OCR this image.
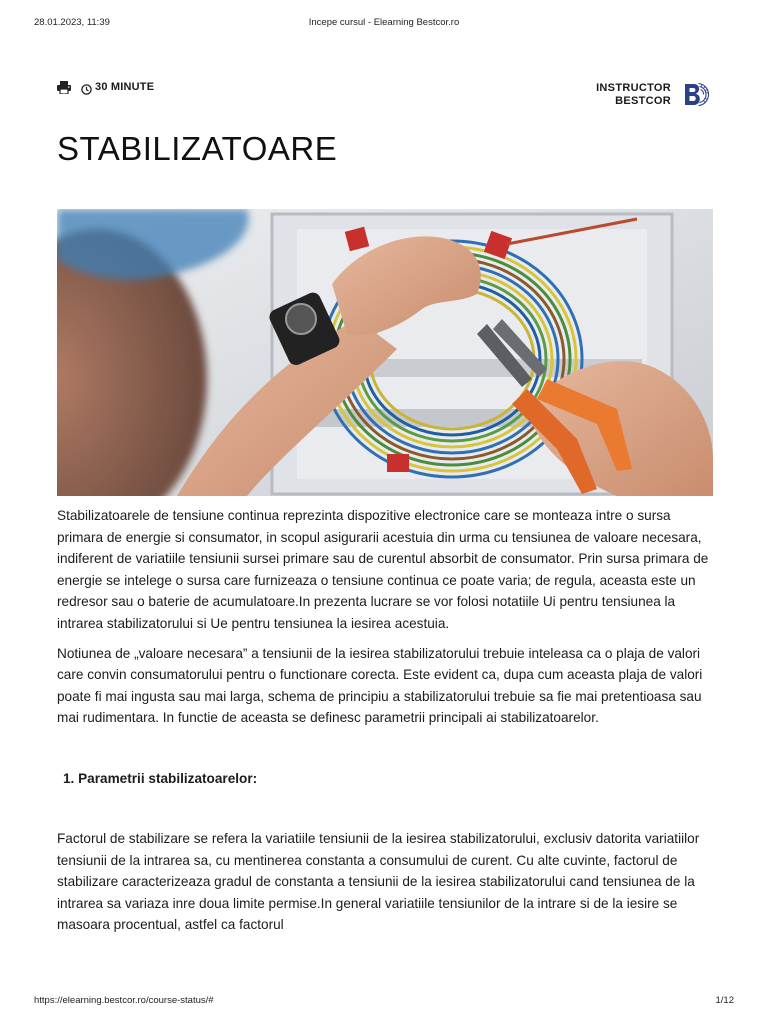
28.01.2023, 11:39	Incepe cursul - Elearning Bestcor.ro
30 MINUTE	INSTRUCTOR
BESTCOR
STABILIZATOARE

Stabilizatoarele de tensiune continua reprezinta dispozitive electronice care se monteaza intre o sursa primara de energie si consumator, in scopul asigurarii acestuia din urma cu tensiunea de valoare necesara, indiferent de variatiile tensiunii sursei primare sau de curentul absorbit de consumator. Prin sursa primara de energie se intelege o sursa care furnizeaza o tensiune continua ce poate varia; de regula, aceasta este un redresor sau o baterie de acumulatoare.In prezenta lucrare se vor folosi notatiile Ui pentru tensiunea la intrarea stabilizatorului si Ue pentru tensiunea la iesirea acestuia.

Notiunea de „valoare necesara” a tensiunii de la iesirea stabilizatorului trebuie inteleasa ca o plaja de valori care convin consumatorului pentru o functionare corecta. Este evident ca, dupa cum aceasta plaja de valori poate fi mai ingusta sau mai larga, schema de principiu a stabilizatorului trebuie sa fie mai pretentioasa sau mai rudimentara. In functie de aceasta se definesc parametrii principali ai stabilizatoarelor.

1. Parametrii stabilizatoarelor:

Factorul de stabilizare se refera la variatiile tensiunii de la iesirea stabilizatorului, exclusiv datorita variatiilor tensiunii de la intrarea sa, cu mentinerea constanta a consumului de curent. Cu alte cuvinte, factorul de stabilizare caracterizeaza gradul de constanta a tensiunii de la iesirea stabilizatorului cand tensiunea de la intrarea sa variaza inre doua limite permise.In general variatiile tensiunilor de la intrare si de la iesire se masoara procentual, astfel ca factorul

https://elearning.bestcor.ro/course-status/#	1/12
